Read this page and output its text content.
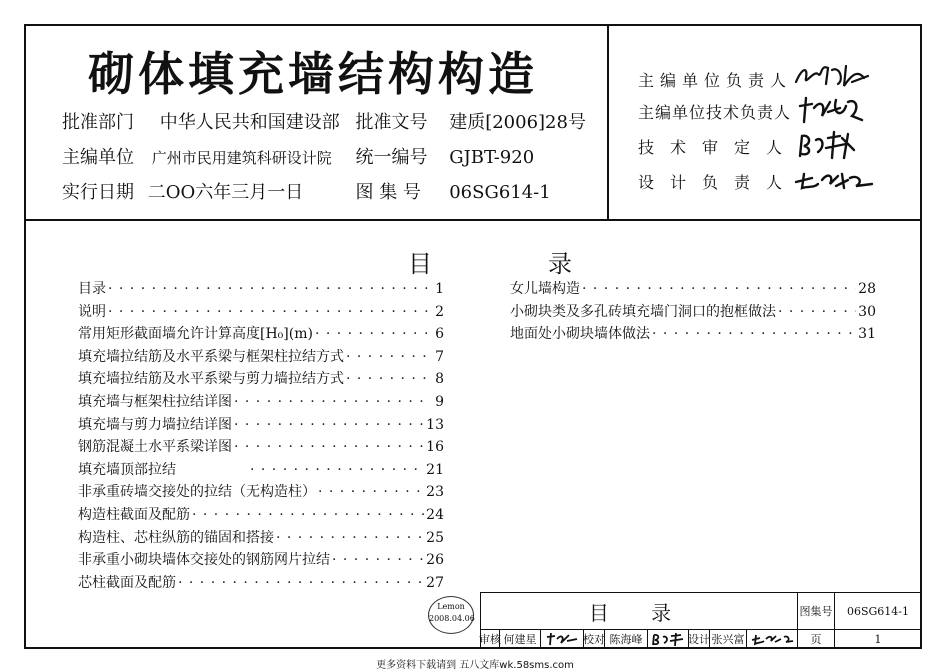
砌体填充墙结构构造
批准部门 中华人民共和国建设部 批准文号 建质[2006]28号
主编单位 广州市民用建筑科研设计院 统一编号 GJBT-920
实行日期 二OO六年三月一日	图 集 号 06SG614-1
主编单位负责人
主编单位技术负责人
技术审定人
设计负责人
目	录
目录 · · ·	1
说明 · · ·	2
常用矩形截面墙允许计算高度[H₀](m) · · ·	6
填充墙拉结筋及水平系梁与框架柱拉结方式 · · ·	7
填充墙拉结筋及水平系梁与剪力墙拉结方式 · · ·	8
填充墙与框架柱拉结详图 · · ·	9
填充墙与剪力墙拉结详图 · · ·	13
钢筋混凝土水平系梁详图 · · ·	16
填充墙顶部拉结 · · ·	21
非承重砖墙交接处的拉结（无构造柱） · · ·	23
构造柱截面及配筋 · · ·	24
构造柱、芯柱纵筋的锚固和搭接 · · ·	25
非承重小砌块墙体交接处的钢筋网片拉结 · · ·	26
芯柱截面及配筋 · · ·	27
女儿墙构造 · · ·	28
小砌块类及多孔砖填充墙门洞口的抱框做法 · · ·	30
地面处小砌块墙体做法 · · ·	31
Lemon
2008.04.06	目 录	图集号	06SG614-1
审核 何建星	校对 陈海峰	设计 张兴富	页	1
更多资料下载请到 五八文库wk.58sms.com
